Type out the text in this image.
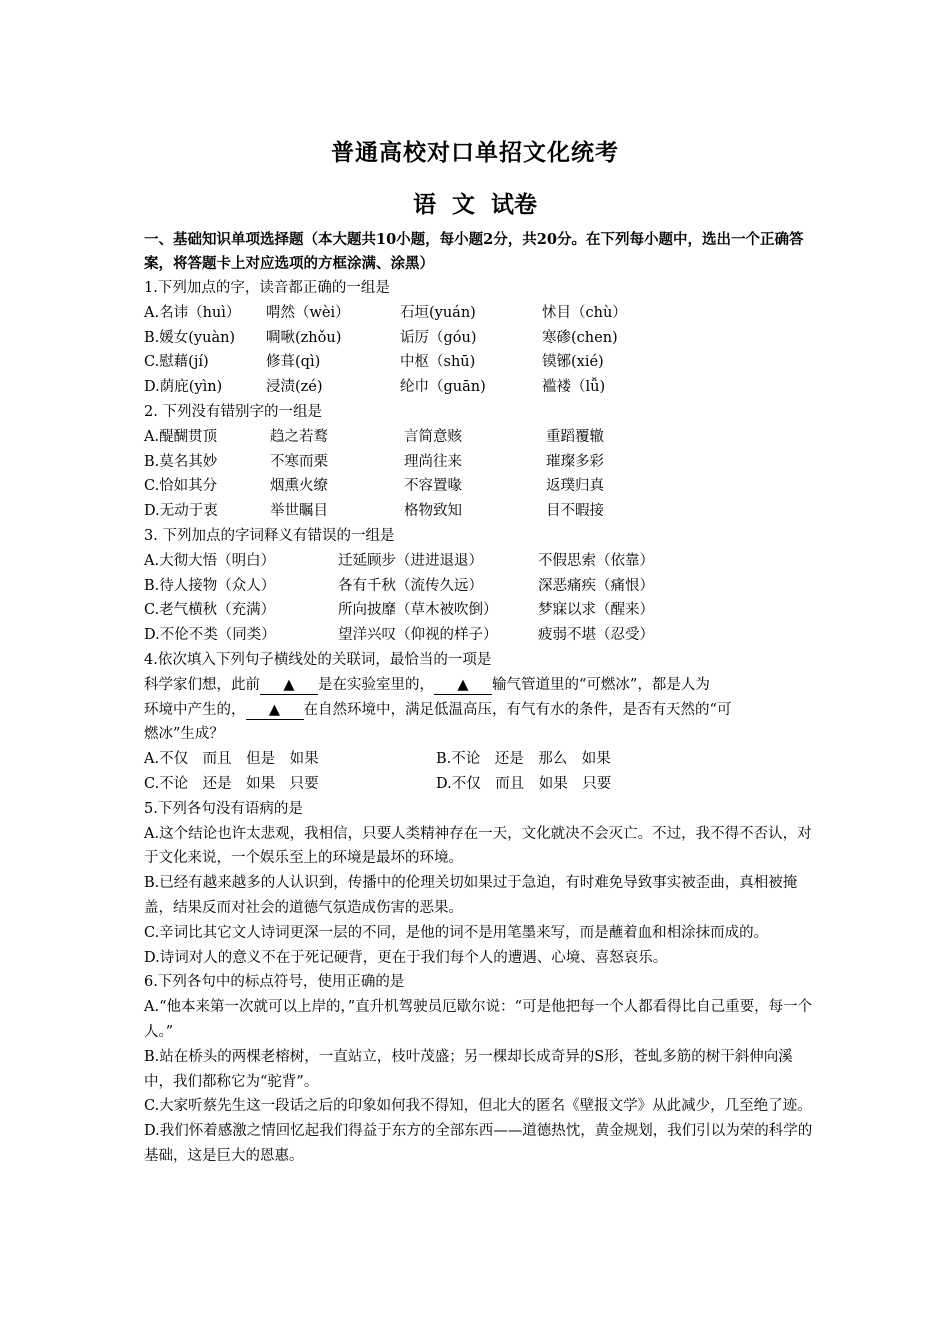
普通高校对口单招文化统考
语 文 试卷
一、基础知识单项选择题（本大题共10小题，每小题2分，共20分。在下列每小题中，选出一个正确答案，将答题卡上对应选项的方框涂满、涂黑）
1.下列加点的字，读音都正确的一组是
A.名讳（huì） 喟然（wèi）	石垣(yuán)	怵目（chù）
B.媛女(yuàn) 啁啾(zhǒu)	诟厉（góu)	寒碜(chen)
C.慰藉(jí)	修葺(qì)	中枢（shū)	镆铘(xié)
D.荫庇(yìn)	浸渍(zé)	纶巾（guān)	褴褛（lǚ)
2. 下列没有错别字的一组是
A.醍醐贯顶	趋之若鹜	言简意赅	重蹈覆辙
B.莫名其妙	不寒而栗	理尚往来	璀璨多彩
C.恰如其分	烟熏火缭	不容置喙	返璞归真
D.无动于衷	举世瞩目	格物致知	目不暇接
3. 下列加点的字词释义有错误的一组是
A.大彻大悟（明白）	迁延顾步（进进退退）	不假思索（依靠）
B.待人接物（众人）	各有千秋（流传久远）	深恶痛疾（痛恨）
C.老气横秋（充满）	所向披靡（草木被吹倒）	梦寐以求（醒来）
D.不伦不类（同类）	望洋兴叹（仰视的样子）	疲弱不堪（忍受）
4.依次填入下列句子横线处的关联词，最恰当的一项是
科学家们想，此前 ▲ 是在实验室里的， ▲ 输气管道里的“可燃冰”，都是人为
环境中产生的， ▲ 在自然环境中，满足低温高压，有气有水的条件，是否有天然的“可
燃冰”生成？
A.不仅　而且　但是　如果	B.不论　还是　那么　如果
C.不论　还是　如果　只要	D.不仅　而且　如果　只要
5.下列各句没有语病的是
A.这个结论也许太悲观，我相信，只要人类精神存在一天，文化就决不会灭亡。不过，我不得不否认，对于文化来说，一个娱乐至上的环境是最坏的环境。
B.已经有越来越多的人认识到，传播中的伦理关切如果过于急迫，有时难免导致事实被歪曲，真相被掩盖，结果反而对社会的道德气氛造成伤害的恶果。
C.辛词比其它文人诗词更深一层的不同，是他的词不是用笔墨来写，而是蘸着血和相涂抹而成的。
D.诗词对人的意义不在于死记硬背，更在于我们每个人的遭遇、心境、喜怒哀乐。
6.下列各句中的标点符号，使用正确的是
A.“他本来第一次就可以上岸的，”直升机驾驶员厄歇尔说：“可是他把每一个人都看得比自己重要，每一个人。”
B.站在桥头的两棵老榕树，一直站立，枝叶茂盛；另一棵却长成奇异的S形，苍虬多筋的树干斜伸向溪中，我们都称它为“驼背”。
C.大家听蔡先生这一段话之后的印象如何我不得知，但北大的匿名《壁报文学》从此减少，几至绝了迹。
D.我们怀着感激之情回忆起我们得益于东方的全部东西——道德热忱，黄金规划，我们引以为荣的科学的基础，这是巨大的恩惠。
